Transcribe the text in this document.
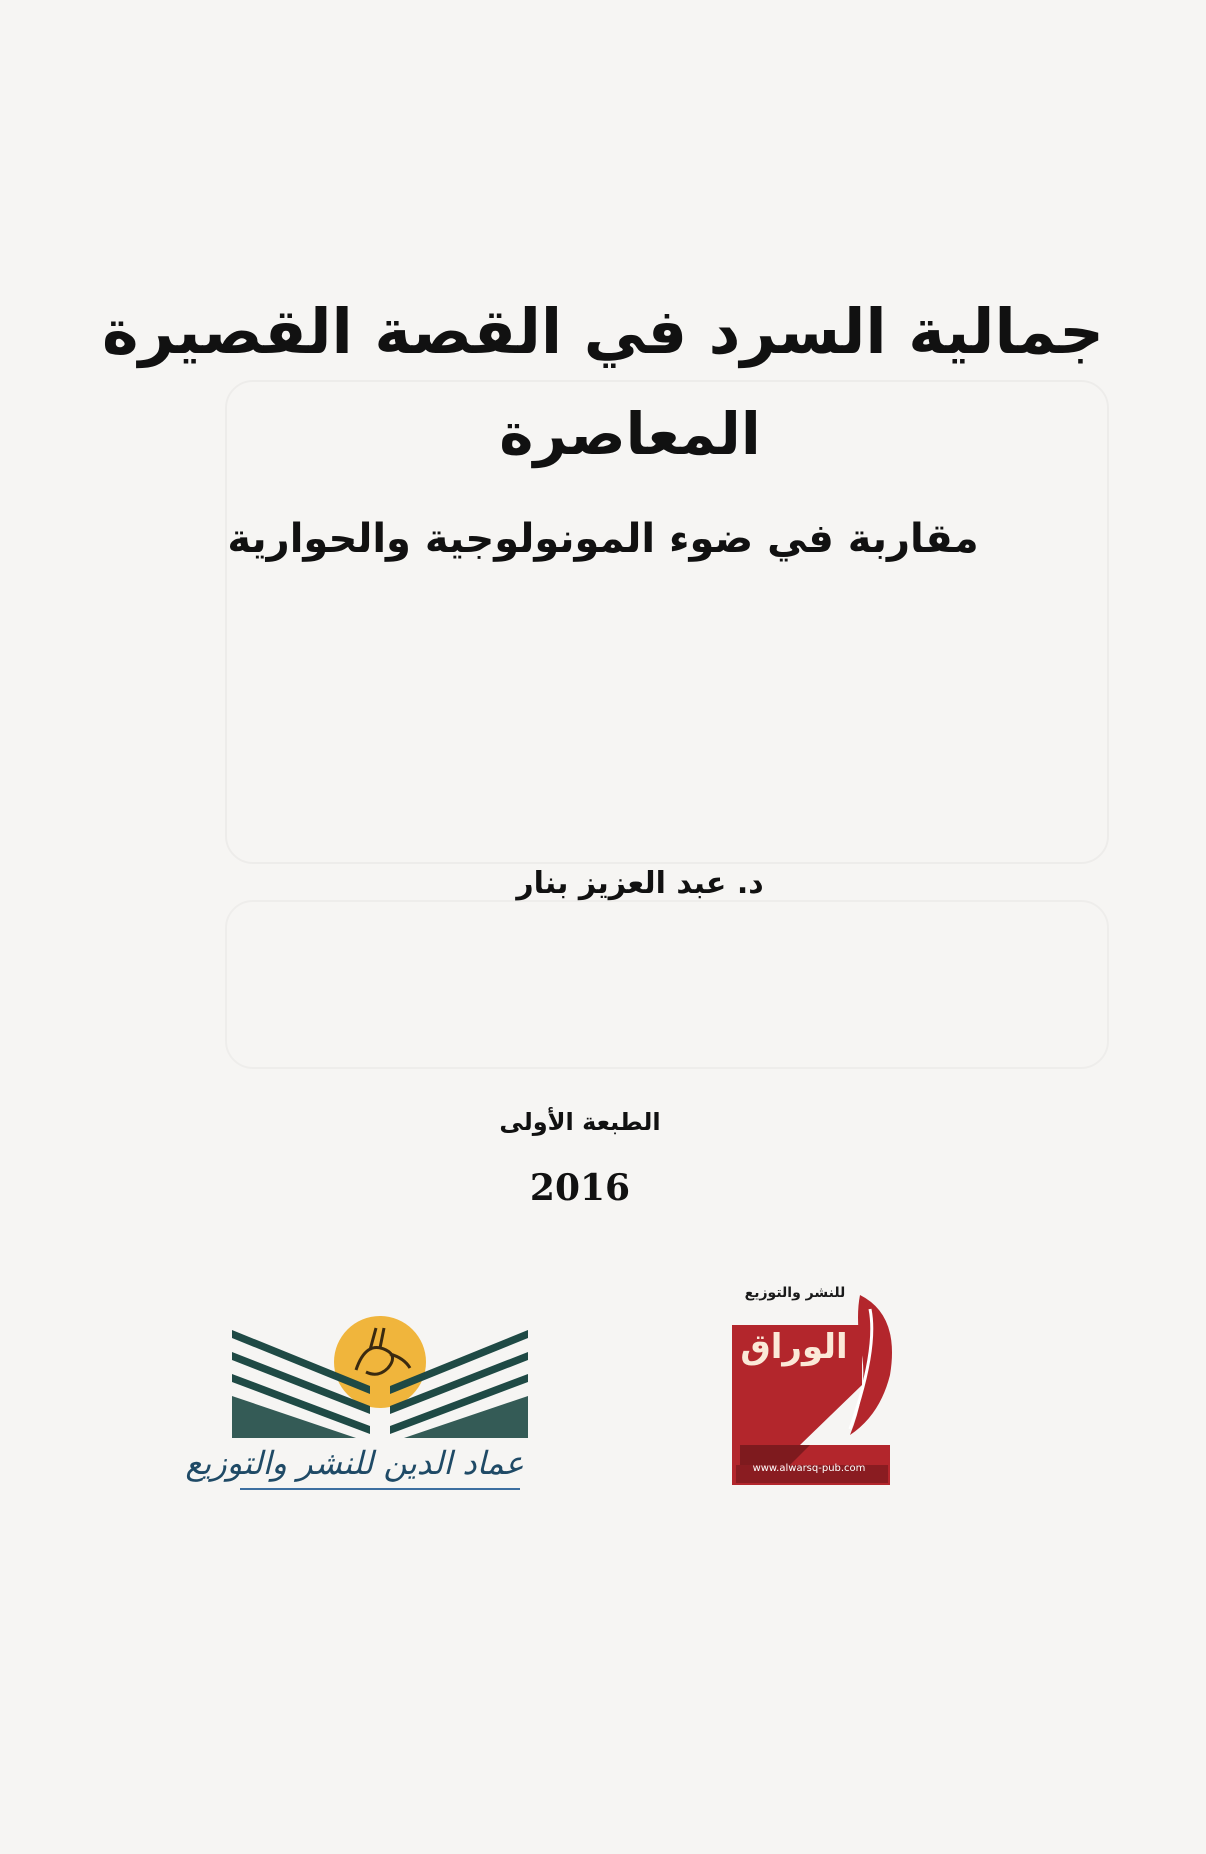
جمالية السرد في القصة القصيرة
المعاصرة
مقاربة في ضوء المونولوجية والحوارية
د. عبد العزيز بنار
الطبعة الأولى
2016
عماد الدين للنشر والتوزيع
للنشر والتوزيع
الوراق
www.alwarsq-pub.com
